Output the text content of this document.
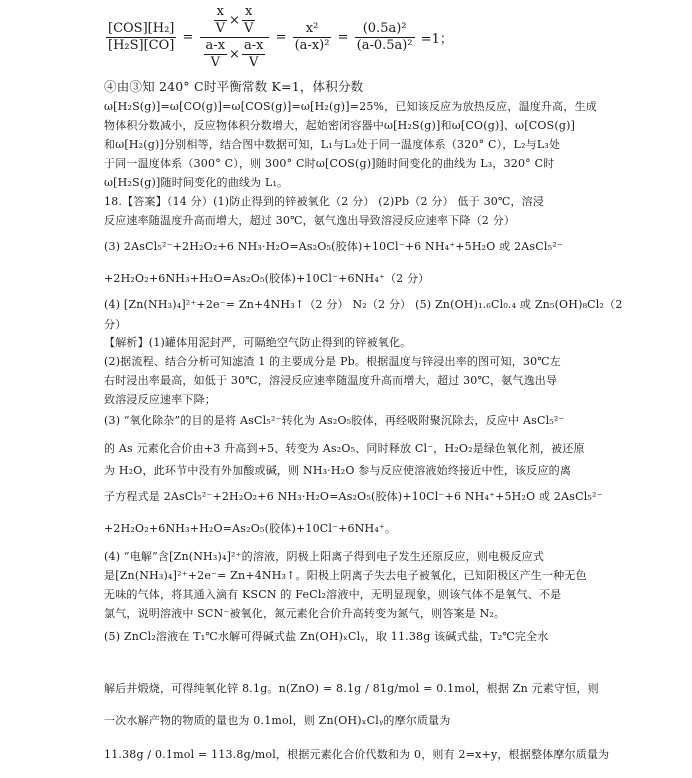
$\frac{\text{[COS][H₂]}}{\text{[H₂S][CO]}} = \frac{\frac{x}{V} \times \frac{x}{V}}{\frac{a-x}{V} \times \frac{a-x}{V}} = \frac{\text{x²}}{\text{(a-x)²}} = \frac{\text{(0.5a)²}}{\text{(a-0.5a)²}} =1$；
④由③知 240° C时平衡常数 K=1，体积分数
ω[H₂S(g)]=ω[CO(g)]=ω[COS(g)]=ω[H₂(g)]=25%，已知该反应为放热反应，温度升高，生成
物体积分数减小，反应物体积分数增大，起始密闭容器中ω[H₂S(g)]和ω[CO(g)]、ω[COS(g)]
和ω[H₂(g)]分别相等，结合图中数据可知，L₁与L₃处于同一温度体系（320° C），L₂与L₃处
于同一温度体系（300° C），则 300° C时ω[COS(g)]随时间变化的曲线为 L₃，320° C时
ω[H₂S(g)]随时间变化的曲线为 L₁。
18.【答案】（14 分）(1)防止得到的锌被氧化（2 分） (2)Pb（2 分） 低于 30℃，溶浸
反应速率随温度升高而增大，超过 30℃，氨气逸出导致溶浸反应速率下降（2 分）
(3) 2AsCl₅²⁻+2H₂O₂+6 NH₃·H₂O=As₂O₅(胶体)+10Cl⁻+6 NH₄⁺+5H₂O 或 2AsCl₅²⁻
+2H₂O₂+6NH₃+H₂O=As₂O₅(胶体)+10Cl⁻+6NH₄⁺（2 分）
(4) [Zn(NH₃)₄]²⁺+2e⁻= Zn+4NH₃↑（2 分） N₂（2 分） (5) Zn(OH)₁.₆Cl₀.₄ 或 Zn₅(OH)₈Cl₂（2
分）
【解析】(1)罐体用泥封严，可隔绝空气防止得到的锌被氧化。
(2)据流程、结合分析可知滤渣 1 的主要成分是 Pb。根据温度与锌浸出率的图可知，30℃左
右时浸出率最高，如低于 30℃，溶浸反应速率随温度升高而增大，超过 30℃，氨气逸出导
致溶浸反应速率下降；
(3) “氧化除杂”的目的是将 AsCl₅²⁻转化为 As₂O₅胶体，再经吸附聚沉除去，反应中 AsCl₅²⁻
的 As 元素化合价由+3 升高到+5、转变为 As₂O₅、同时释放 Cl⁻，H₂O₂是绿色氧化剂，被还原
为 H₂O，此环节中没有外加酸或碱，则 NH₃·H₂O 参与反应使溶液始终接近中性，该反应的离
子方程式是 2AsCl₅²⁻+2H₂O₂+6 NH₃·H₂O=As₂O₅(胶体)+10Cl⁻+6 NH₄⁺+5H₂O 或 2AsCl₅²⁻
+2H₂O₂+6NH₃+H₂O=As₂O₅(胶体)+10Cl⁻+6NH₄⁺。
(4) “电解”含[Zn(NH₃)₄]²⁺的溶液，阴极上阳离子得到电子发生还原反应，则电极反应式
是[Zn(NH₃)₄]²⁺+2e⁻= Zn+4NH₃↑。阳极上阴离子失去电子被氧化，已知阳极区产生一种无色
无味的气体，将其通入滴有 KSCN 的 FeCl₂溶液中，无明显现象，则该气体不是氧气、不是
氯气，说明溶液中 SCN⁻被氧化，氮元素化合价升高转变为氮气，则答案是 N₂。
(5) ZnCl₂溶液在 T₁℃水解可得碱式盐 Zn(OH)ₓClᵧ，取 11.38g 该碱式盐，T₂℃完全水
解后并煅烧，可得纯氧化锌 8.1g。n(ZnO) = 8.1g / 81g/mol = 0.1mol，根据 Zn 元素守恒，则
一次水解产物的物质的量也为 0.1mol，则 Zn(OH)ₓClᵧ的摩尔质量为
11.38g / 0.1mol = 113.8g/mol，根据元素化合价代数和为 0，则有 2=x+y，根据整体摩尔质量为
